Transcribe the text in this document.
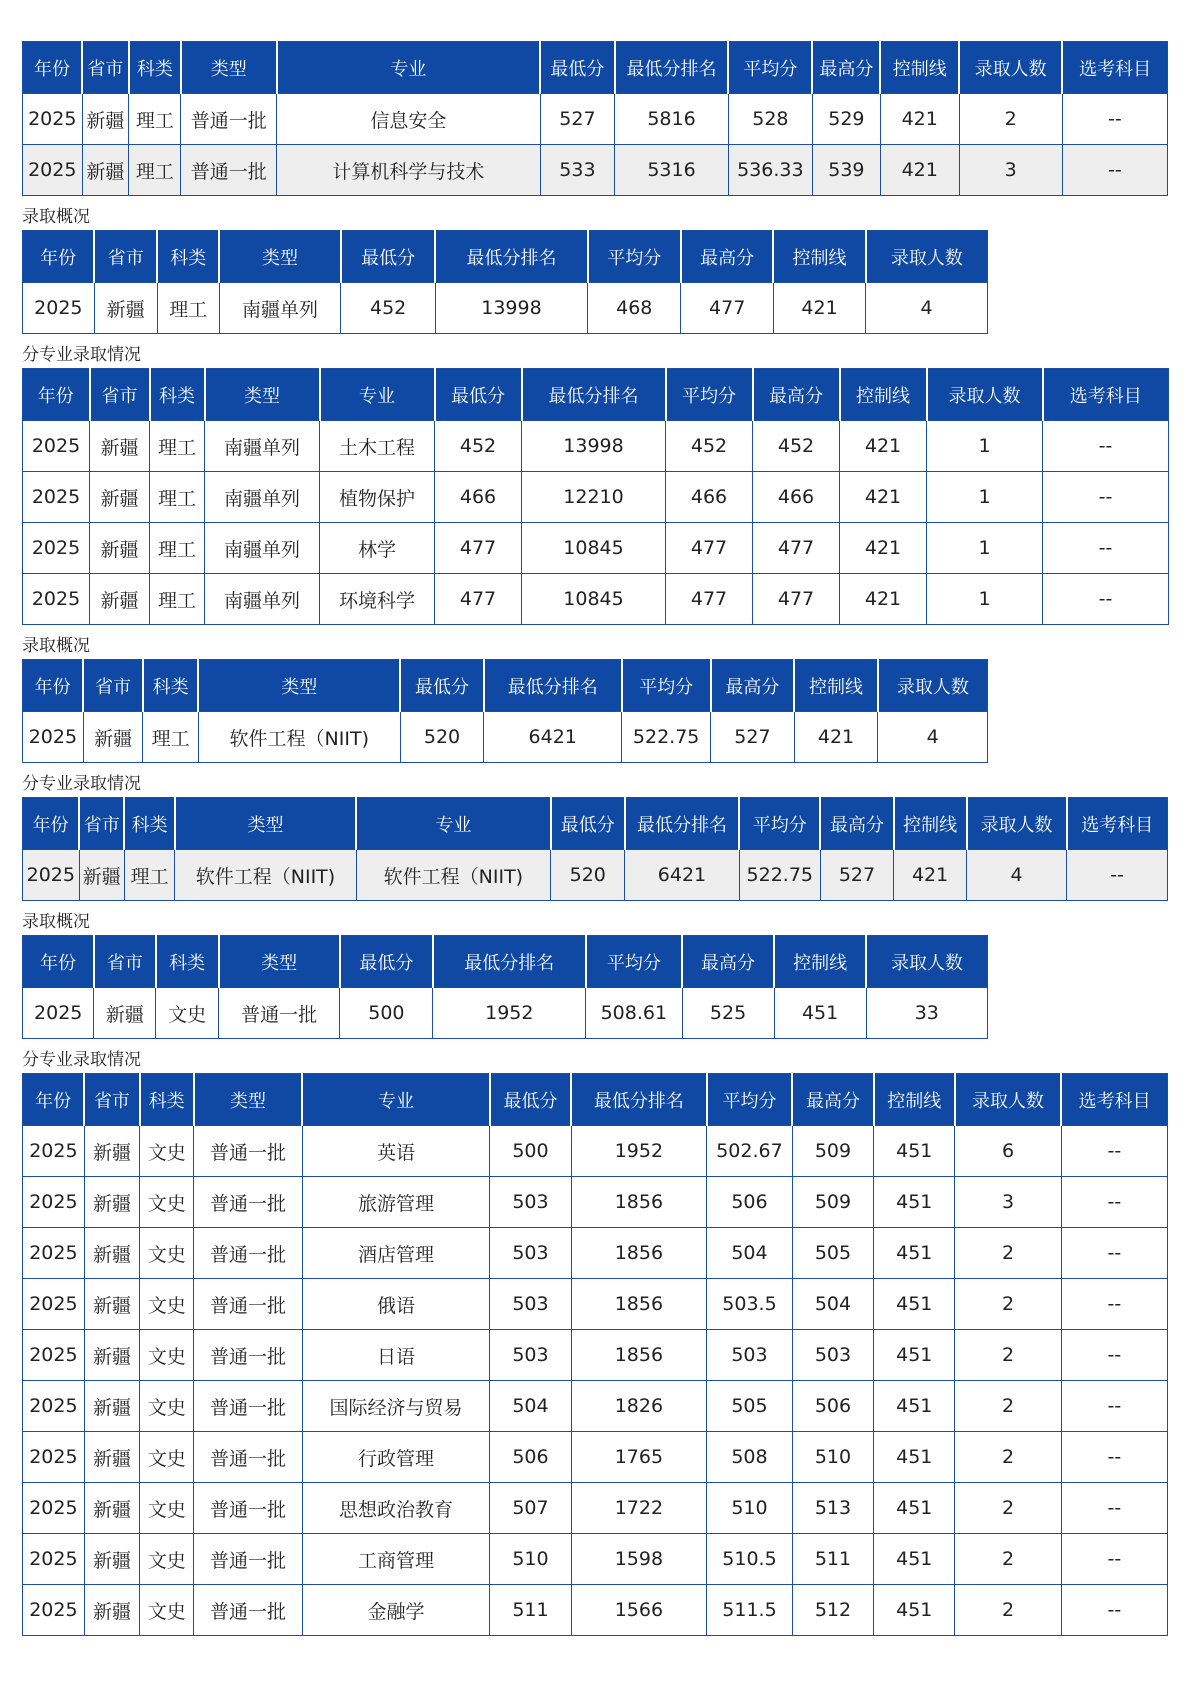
年份	省市	科类	类型	专业	最低分	最低分排名	平均分	最高分	控制线	录取人数	选考科目
2025	新疆	理工	普通一批	信息安全	527	5816	528	529	421	2	--
2025	新疆	理工	普通一批	计算机科学与技术	533	5316	536.33	539	421	3	--
录取概况
年份	省市	科类	类型	最低分	最低分排名	平均分	最高分	控制线	录取人数
2025	新疆	理工	南疆单列	452	13998	468	477	421	4
分专业录取情况
年份	省市	科类	类型	专业	最低分	最低分排名	平均分	最高分	控制线	录取人数	选考科目
2025	新疆	理工	南疆单列	土木工程	452	13998	452	452	421	1	--
2025	新疆	理工	南疆单列	植物保护	466	12210	466	466	421	1	--
2025	新疆	理工	南疆单列	林学	477	10845	477	477	421	1	--
2025	新疆	理工	南疆单列	环境科学	477	10845	477	477	421	1	--
录取概况
年份	省市	科类	类型	最低分	最低分排名	平均分	最高分	控制线	录取人数
2025	新疆	理工	软件工程（NIIT)	520	6421	522.75	527	421	4
分专业录取情况
年份	省市	科类	类型	专业	最低分	最低分排名	平均分	最高分	控制线	录取人数	选考科目
2025	新疆	理工	软件工程（NIIT)	软件工程（NIIT)	520	6421	522.75	527	421	4	--
录取概况
年份	省市	科类	类型	最低分	最低分排名	平均分	最高分	控制线	录取人数
2025	新疆	文史	普通一批	500	1952	508.61	525	451	33
分专业录取情况
年份	省市	科类	类型	专业	最低分	最低分排名	平均分	最高分	控制线	录取人数	选考科目
2025	新疆	文史	普通一批	英语	500	1952	502.67	509	451	6	--
2025	新疆	文史	普通一批	旅游管理	503	1856	506	509	451	3	--
2025	新疆	文史	普通一批	酒店管理	503	1856	504	505	451	2	--
2025	新疆	文史	普通一批	俄语	503	1856	503.5	504	451	2	--
2025	新疆	文史	普通一批	日语	503	1856	503	503	451	2	--
2025	新疆	文史	普通一批	国际经济与贸易	504	1826	505	506	451	2	--
2025	新疆	文史	普通一批	行政管理	506	1765	508	510	451	2	--
2025	新疆	文史	普通一批	思想政治教育	507	1722	510	513	451	2	--
2025	新疆	文史	普通一批	工商管理	510	1598	510.5	511	451	2	--
2025	新疆	文史	普通一批	金融学	511	1566	511.5	512	451	2	--
